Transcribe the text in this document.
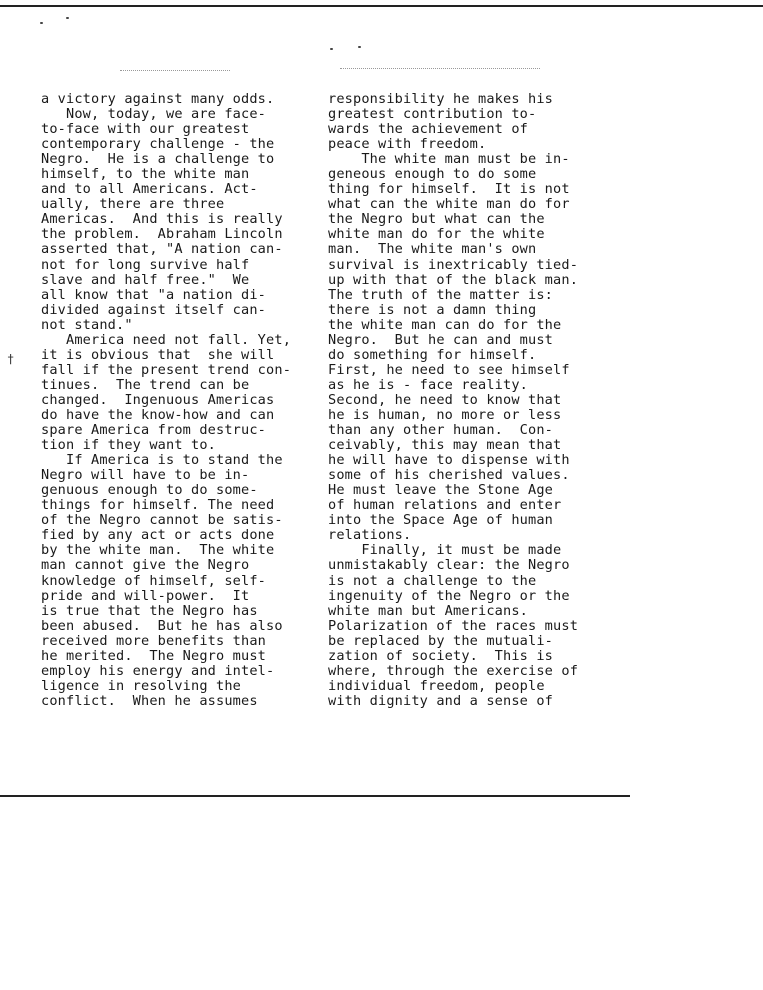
†
a victory against many odds.
Now, today, we are face-
to-face with our greatest
contemporary challenge - the
Negro.  He is a challenge to
himself, to the white man
and to all Americans. Act-
ually, there are three
Americas.  And this is really
the problem.  Abraham Lincoln
asserted that, "A nation can-
not for long survive half
slave and half free."  We
all know that "a nation di-
divided against itself can-
not stand."
America need not fall. Yet,
it is obvious that  she will
fall if the present trend con-
tinues.  The trend can be
changed.  Ingenuous Americas
do have the know-how and can
spare America from destruc-
tion if they want to.
If America is to stand the
Negro will have to be in-
genuous enough to do some-
things for himself. The need
of the Negro cannot be satis-
fied by any act or acts done
by the white man.  The white
man cannot give the Negro
knowledge of himself, self-
pride and will-power.  It
is true that the Negro has
been abused.  But he has also
received more benefits than
he merited.  The Negro must
employ his energy and intel-
ligence in resolving the
conflict.  When he assumes
responsibility he makes his
greatest contribution to-
wards the achievement of
peace with freedom.
The white man must be in-
geneous enough to do some
thing for himself.  It is not
what can the white man do for
the Negro but what can the
white man do for the white
man.  The white man's own
survival is inextricably tied-
up with that of the black man.
The truth of the matter is:
there is not a damn thing
the white man can do for the
Negro.  But he can and must
do something for himself.
First, he need to see himself
as he is - face reality.
Second, he need to know that
he is human, no more or less
than any other human.  Con-
ceivably, this may mean that
he will have to dispense with
some of his cherished values.
He must leave the Stone Age
of human relations and enter
into the Space Age of human
relations.
Finally, it must be made
unmistakably clear: the Negro
is not a challenge to the
ingenuity of the Negro or the
white man but Americans.
Polarization of the races must
be replaced by the mutuali-
zation of society.  This is
where, through the exercise of
individual freedom, people
with dignity and a sense of
